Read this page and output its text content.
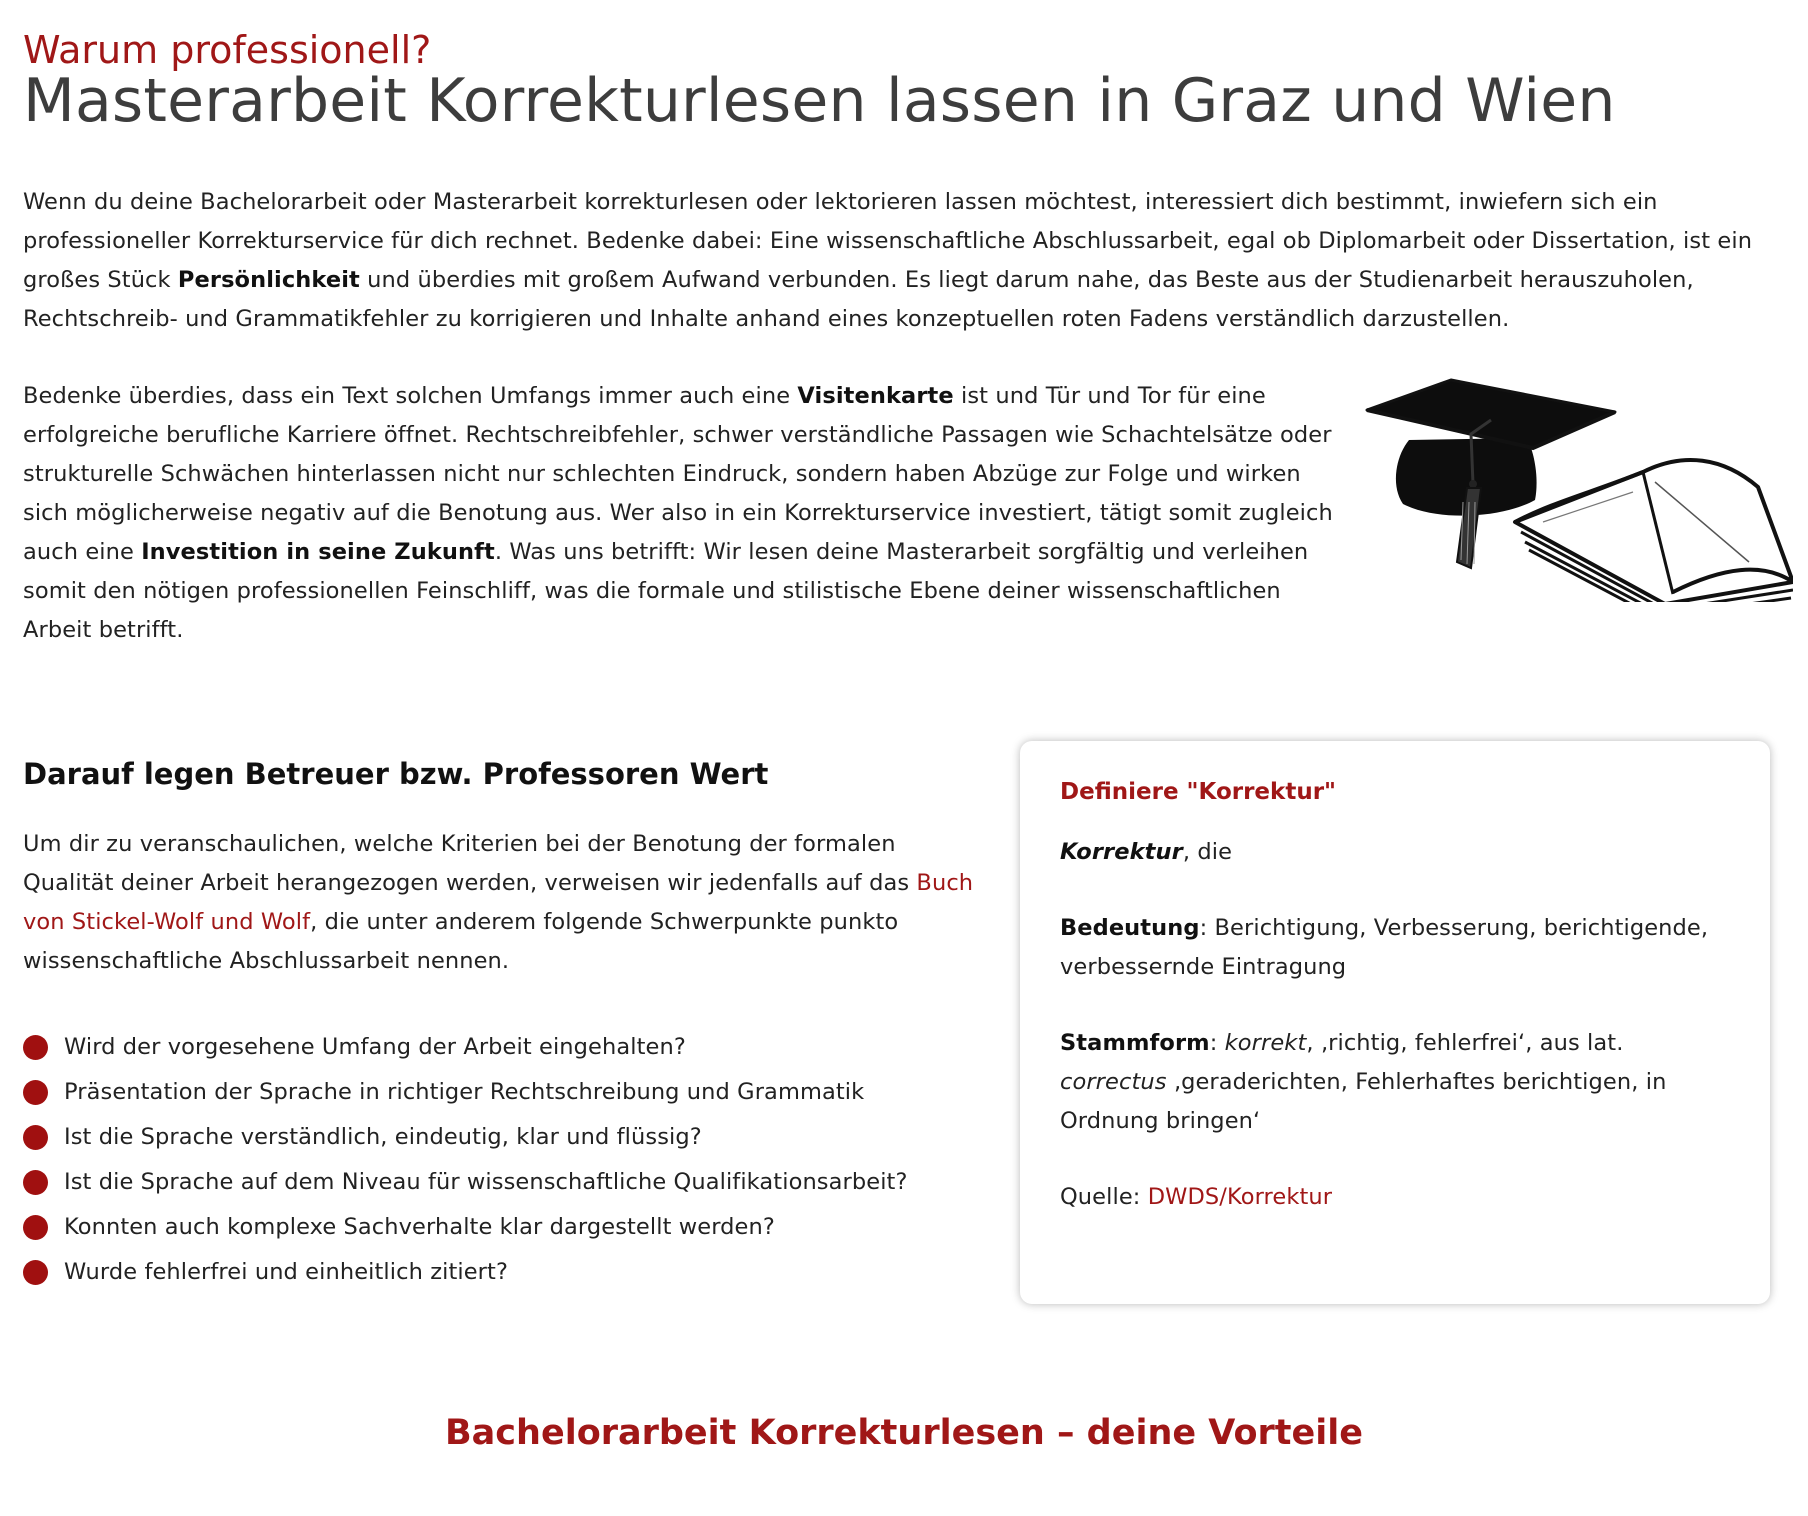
Warum professionell?
Masterarbeit Korrekturlesen lassen in Graz und Wien

Wenn du deine Bachelorarbeit oder Masterarbeit korrekturlesen oder lektorieren lassen möchtest, interessiert dich bestimmt, inwiefern sich ein professioneller Korrekturservice für dich rechnet. Bedenke dabei: Eine wissenschaftliche Abschlussarbeit, egal ob Diplomarbeit oder Dissertation, ist ein großes Stück Persönlichkeit und überdies mit großem Aufwand verbunden. Es liegt darum nahe, das Beste aus der Studienarbeit herauszuholen, Rechtschreib- und Grammatikfehler zu korrigieren und Inhalte anhand eines konzeptuellen roten Fadens verständlich darzustellen.

Bedenke überdies, dass ein Text solchen Umfangs immer auch eine Visitenkarte ist und Tür und Tor für eine erfolgreiche berufliche Karriere öffnet. Rechtschreibfehler, schwer verständliche Passagen wie Schachtelsätze oder strukturelle Schwächen hinterlassen nicht nur schlechten Eindruck, sondern haben Abzüge zur Folge und wirken sich möglicherweise negativ auf die Benotung aus. Wer also in ein Korrekturservice investiert, tätigt somit zugleich auch eine Investition in seine Zukunft. Was uns betrifft: Wir lesen deine Masterarbeit sorgfältig und verleihen somit den nötigen professionellen Feinschliff, was die formale und stilistische Ebene deiner wissenschaftlichen Arbeit betrifft.

Darauf legen Betreuer bzw. Professoren Wert

Um dir zu veranschaulichen, welche Kriterien bei der Benotung der formalen Qualität deiner Arbeit herangezogen werden, verweisen wir jedenfalls auf das Buch von Stickel-Wolf und Wolf, die unter anderem folgende Schwerpunkte punkto wissenschaftliche Abschlussarbeit nennen.

Wird der vorgesehene Umfang der Arbeit eingehalten?
Präsentation der Sprache in richtiger Rechtschreibung und Grammatik
Ist die Sprache verständlich, eindeutig, klar und flüssig?
Ist die Sprache auf dem Niveau für wissenschaftliche Qualifikationsarbeit?
Konnten auch komplexe Sachverhalte klar dargestellt werden?
Wurde fehlerfrei und einheitlich zitiert?
Definiere "Korrektur"

Korrektur, die

Bedeutung: Berichtigung, Verbesserung, berichtigende, verbessernde Eintragung

Stammform: korrekt, ‚richtig, fehlerfrei‘, aus lat. correctus ‚geraderichten, Fehlerhaftes berichtigen, in Ordnung bringen‘

Quelle: DWDS/Korrektur

Bachelorarbeit Korrekturlesen – deine Vorteile
